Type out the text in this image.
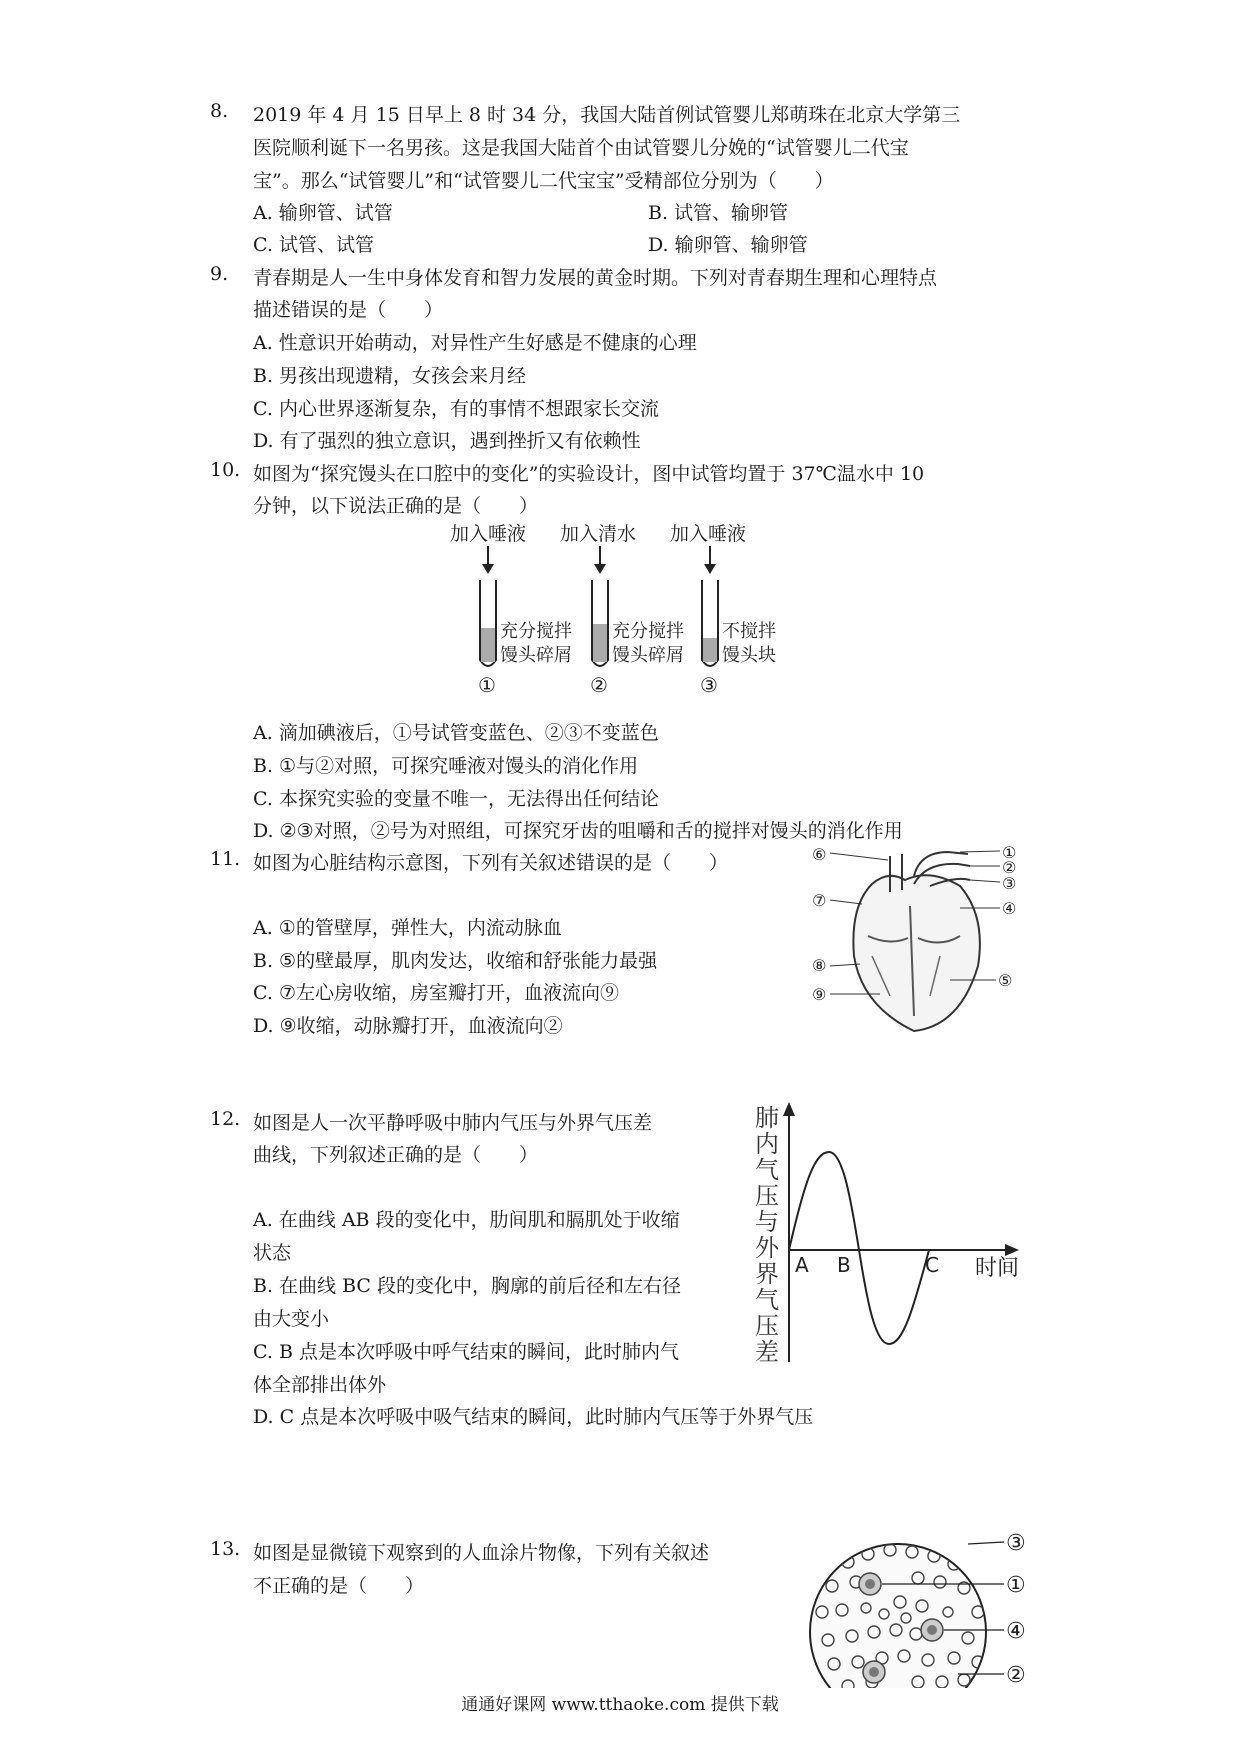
8. 2019 年 4 月 15 日早上 8 时 34 分，我国大陆首例试管婴儿郑萌珠在北京大学第三
医院顺利诞下一名男孩。这是我国大陆首个由试管婴儿分娩的“试管婴儿二代宝
宝”。那么“试管婴儿”和“试管婴儿二代宝宝”受精部位分别为（　　）
A. 输卵管、试管	B. 试管、输卵管
C. 试管、试管	D. 输卵管、输卵管
9. 青春期是人一生中身体发育和智力发展的黄金时期。下列对青春期生理和心理特点
描述错误的是（　　）
A. 性意识开始萌动，对异性产生好感是不健康的心理
B. 男孩出现遗精，女孩会来月经
C. 内心世界逐渐复杂，有的事情不想跟家长交流
D. 有了强烈的独立意识，遇到挫折又有依赖性
10. 如图为“探究馒头在口腔中的变化”的实验设计，图中试管均置于 37℃温水中 10
分钟，以下说法正确的是（　　）
加入唾液
充分搅拌
馒头碎屑
①
加入清水
充分搅拌
馒头碎屑
②
加入唾液
不搅拌
馒头块
③
A. 滴加碘液后，①号试管变蓝色、②③不变蓝色
B. ①与②对照，可探究唾液对馒头的消化作用
C. 本探究实验的变量不唯一，无法得出任何结论
D. ②③对照，②号为对照组，可探究牙齿的咀嚼和舌的搅拌对馒头的消化作用
11. 如图为心脏结构示意图，下列有关叙述错误的是（　　）	①
②
③
④
⑤
⑥
⑦
⑧
⑨
A. ①的管壁厚，弹性大，内流动脉血
B. ⑤的壁最厚，肌肉发达，收缩和舒张能力最强
C. ⑦左心房收缩，房室瓣打开，血液流向⑨
D. ⑨收缩，动脉瓣打开，血液流向②
12. 如图是人一次平静呼吸中肺内气压与外界气压差
曲线，下列叙述正确的是（　　）
肺
内
气
压
与
外
界
气
压
差
A B	C 时间
A. 在曲线 AB 段的变化中，肋间肌和膈肌处于收缩
状态
B. 在曲线 BC 段的变化中，胸廓的前后径和左右径
由大变小
C. B 点是本次呼吸中呼气结束的瞬间，此时肺内气
体全部排出体外
D. C 点是本次呼吸中吸气结束的瞬间，此时肺内气压等于外界气压
13. 如图是显微镜下观察到的人血涂片物像，下列有关叙述
不正确的是（　　）
③
①
④
②
通通好课网 www.tthaoke.com 提供下载
